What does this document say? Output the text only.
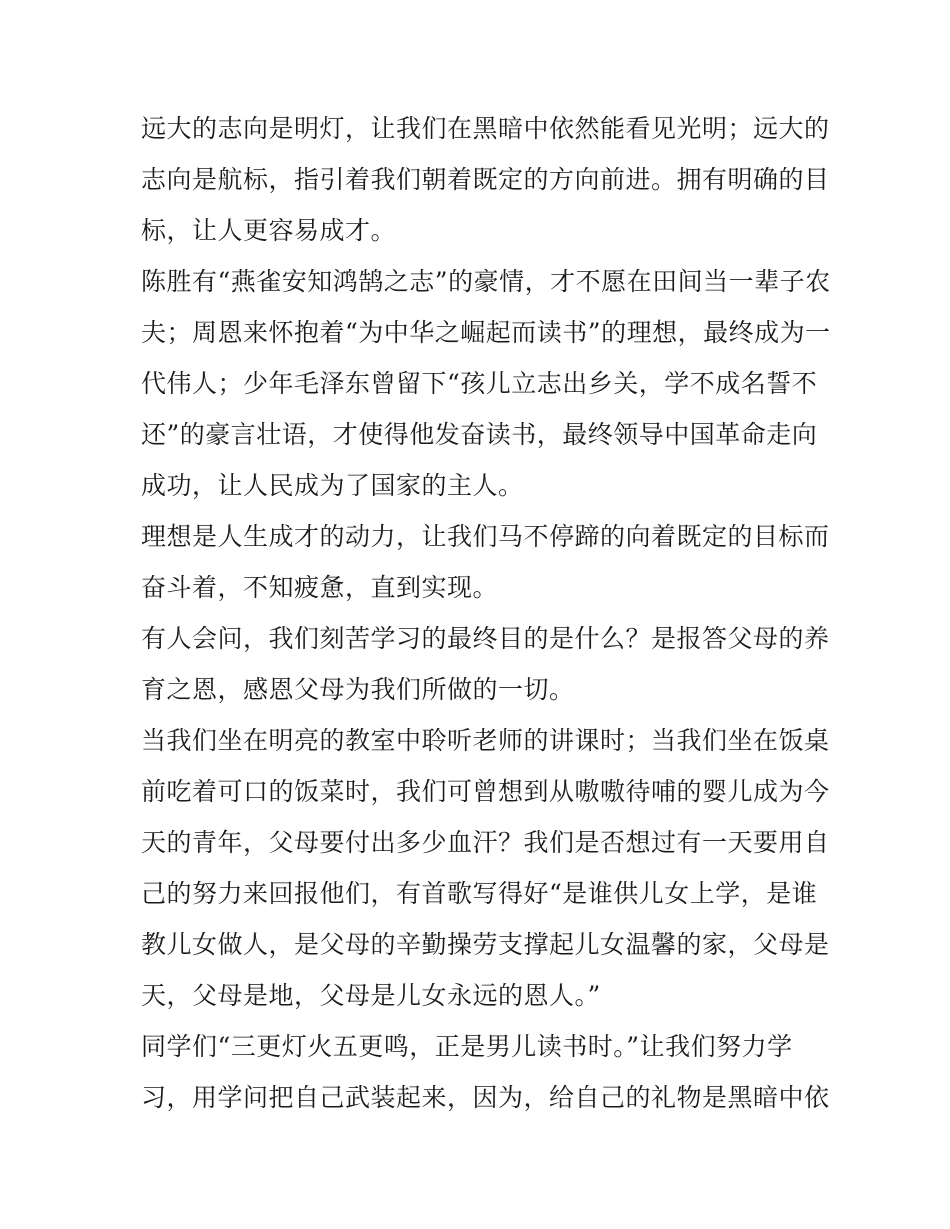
远大的志向是明灯，让我们在黑暗中依然能看见光明；远大的
志向是航标，指引着我们朝着既定的方向前进。拥有明确的目
标，让人更容易成才。
陈胜有“燕雀安知鸿鹄之志”的豪情，才不愿在田间当一辈子农
夫；周恩来怀抱着“为中华之崛起而读书”的理想，最终成为一
代伟人；少年毛泽东曾留下“孩儿立志出乡关，学不成名誓不
还”的豪言壮语，才使得他发奋读书，最终领导中国革命走向
成功，让人民成为了国家的主人。
理想是人生成才的动力，让我们马不停蹄的向着既定的目标而
奋斗着，不知疲惫，直到实现。
有人会问，我们刻苦学习的最终目的是什么？是报答父母的养
育之恩，感恩父母为我们所做的一切。
当我们坐在明亮的教室中聆听老师的讲课时；当我们坐在饭桌
前吃着可口的饭菜时，我们可曾想到从嗷嗷待哺的婴儿成为今
天的青年，父母要付出多少血汗？我们是否想过有一天要用自
己的努力来回报他们，有首歌写得好“是谁供儿女上学，是谁
教儿女做人，是父母的辛勤操劳支撑起儿女温馨的家，父母是
天，父母是地，父母是儿女永远的恩人。”
同学们“三更灯火五更鸣，正是男儿读书时。”让我们努力学
习，用学问把自己武装起来，因为，给自己的礼物是黑暗中依
